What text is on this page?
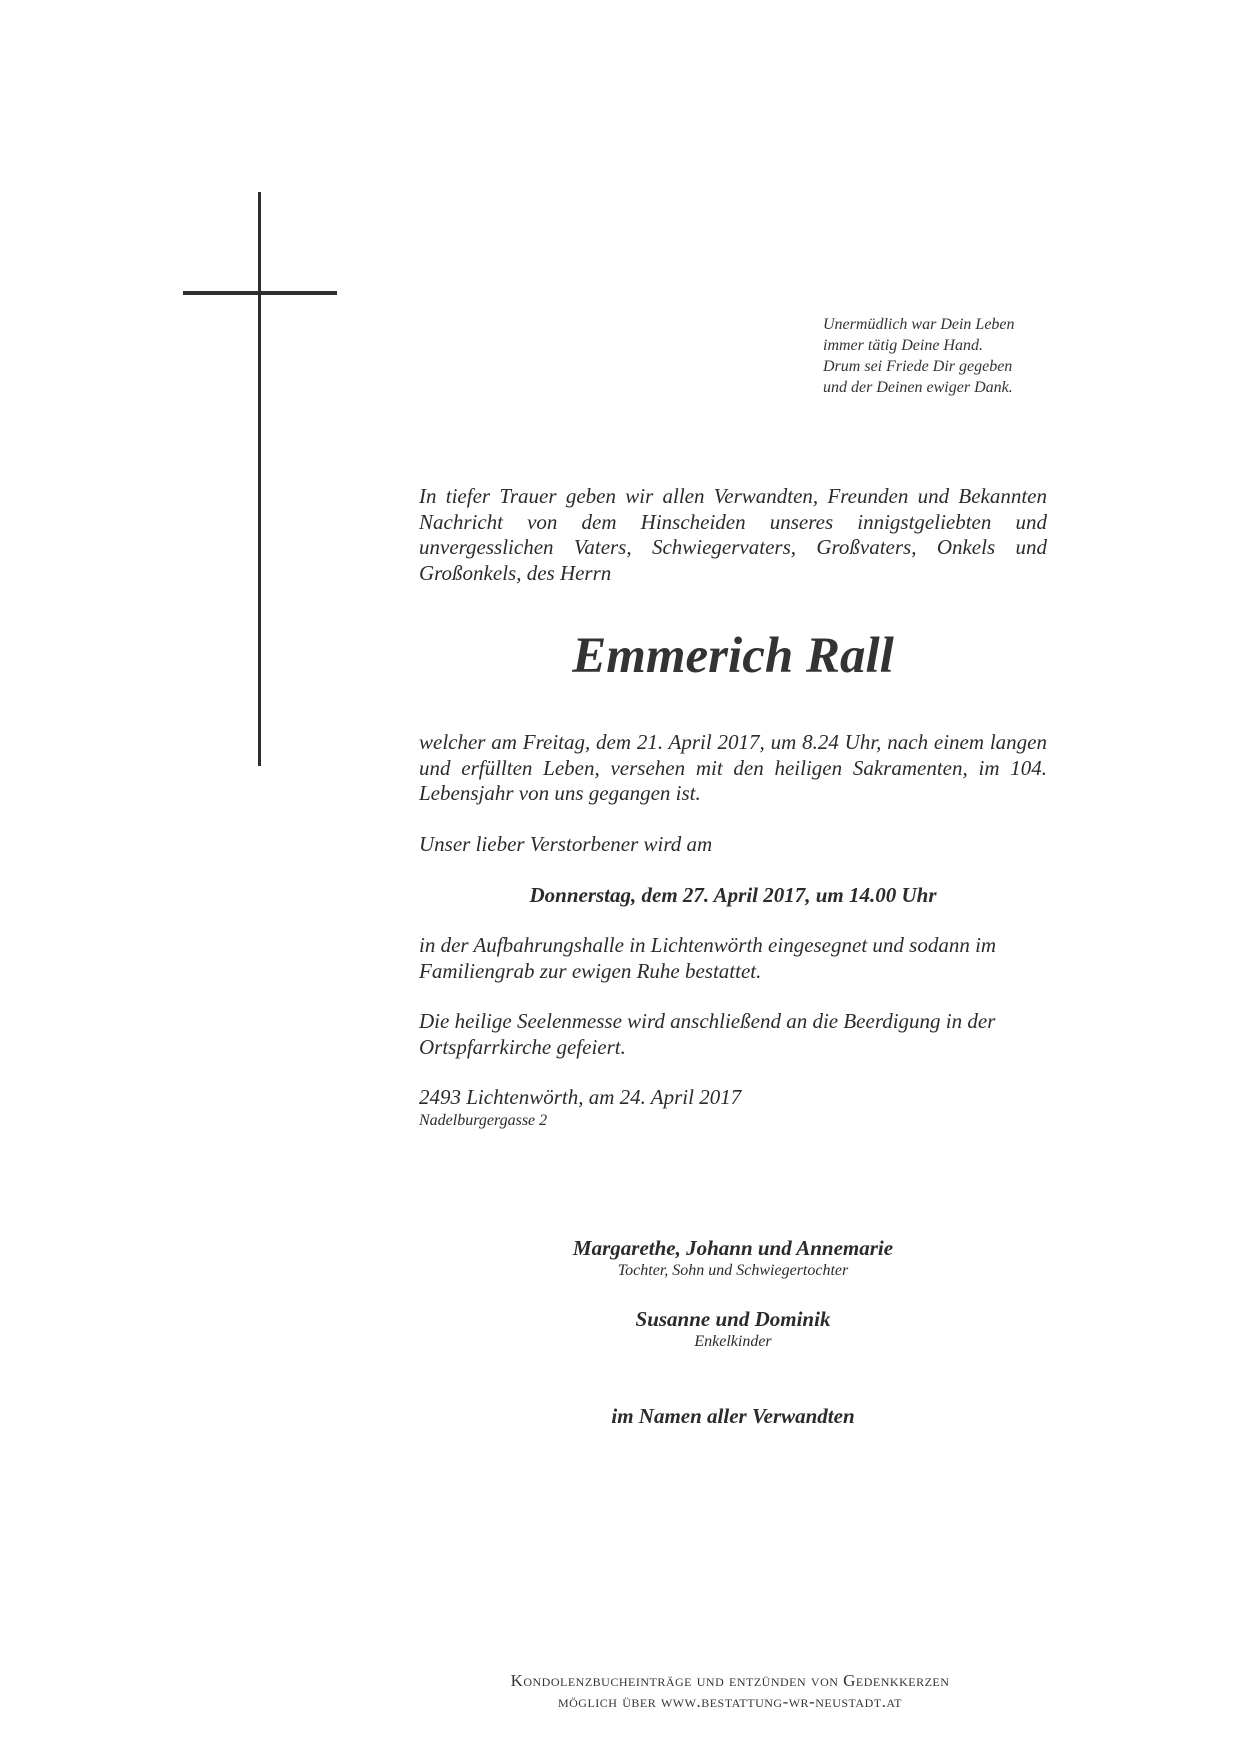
Unermüdlich war Dein Leben
immer tätig Deine Hand.
Drum sei Friede Dir gegeben
und der Deinen ewiger Dank.

In tiefer Trauer geben wir allen Verwandten, Freunden und Bekannten Nachricht von dem Hinscheiden unseres innigstgeliebten und unvergesslichen Vaters, Schwiegervaters, Großvaters, Onkels und Großonkels, des Herrn

Emmerich Rall

welcher am Freitag, dem 21. April 2017, um 8.24 Uhr, nach einem langen und erfüllten Leben, versehen mit den heiligen Sakramenten, im 104. Lebensjahr von uns gegangen ist.

Unser lieber Verstorbener wird am

Donnerstag, dem 27. April 2017, um 14.00 Uhr

in der Aufbahrungshalle in Lichtenwörth eingesegnet und sodann im Familiengrab zur ewigen Ruhe bestattet.

Die heilige Seelenmesse wird anschließend an die Beerdigung in der Ortspfarrkirche gefeiert.

2493 Lichtenwörth, am 24. April 2017

Nadelburgergasse 2
Margarethe, Johann und Annemarie
Tochter, Sohn und Schwiegertochter
Susanne und Dominik
Enkelkinder
im Namen aller Verwandten
Kondolenzbucheinträge und entzünden von Gedenkkerzen
möglich über www.bestattung-wr-neustadt.at
